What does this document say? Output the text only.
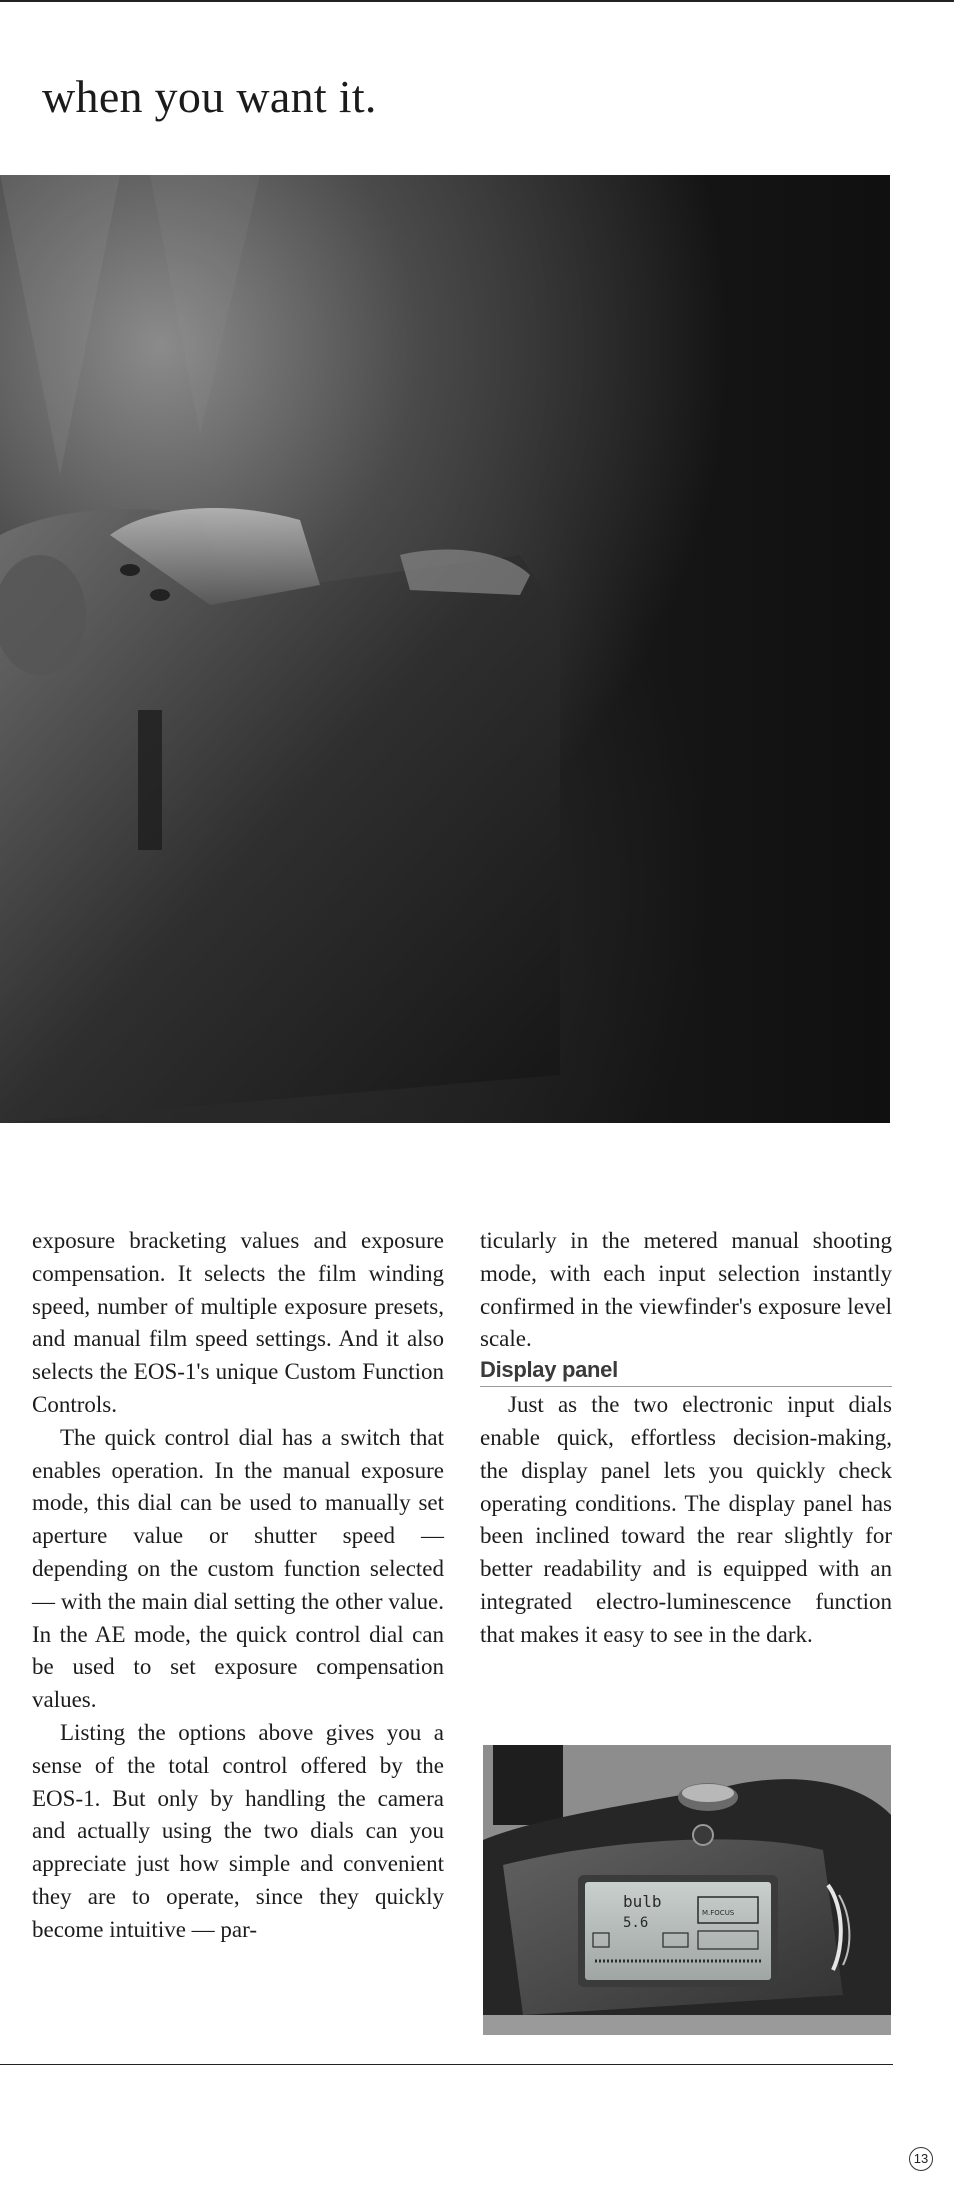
when you want it.

exposure bracketing values and exposure compensation. It selects the film winding speed, number of multiple exposure presets, and manual film speed settings. And it also selects the EOS-1's unique Custom Function Controls.

The quick control dial has a switch that enables operation. In the manual exposure mode, this dial can be used to manually set aperture value or shutter speed — depending on the custom function selected — with the main dial setting the other value. In the AE mode, the quick control dial can be used to set exposure compensation values.

Listing the options above gives you a sense of the total control offered by the EOS-1. But only by handling the camera and actually using the two dials can you appreciate just how simple and convenient they are to operate, since they quickly become intuitive — par-

ticularly in the metered manual shooting mode, with each input selection instantly confirmed in the viewfinder's exposure level scale.

Display panel

Just as the two electronic input dials enable quick, effortless decision-making, the display panel lets you quickly check operating conditions. The display panel has been inclined toward the rear slightly for better readability and is equipped with an integrated electro-luminescence function that makes it easy to see in the dark.

bulb
5.6
M.FOCUS
13
